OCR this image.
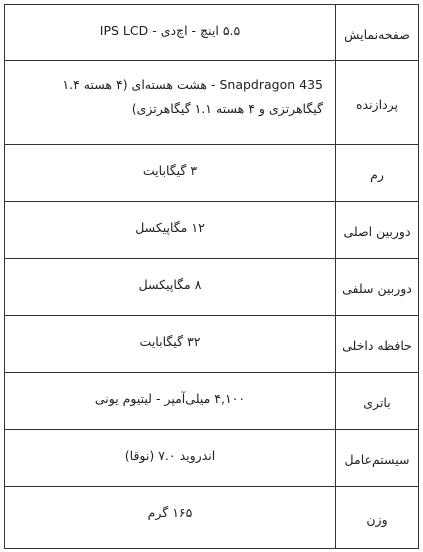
صفحه‌نمایش	۵.۵ اینچ - اچ‌دی - IPS LCD
پردازنده	Snapdragon 435 - هشت هسته‌ای (۴ هسته ۱.۴ گیگاهرتزی و ۴ هسته ۱.۱ گیگاهرتزی)
رم	۳ گیگابایت
دوربین اصلی	۱۲ مگاپیکسل
دوربین سلفی	۸ مگاپیکسل
حافظه داخلی	۳۲ گیگابایت
باتری	۴,۱۰۰ میلی‌آمپر - لیتیوم یونی
سیستم‌عامل	اندروید ۷.۰ (نوقا)
وزن	۱۶۵ گرم
